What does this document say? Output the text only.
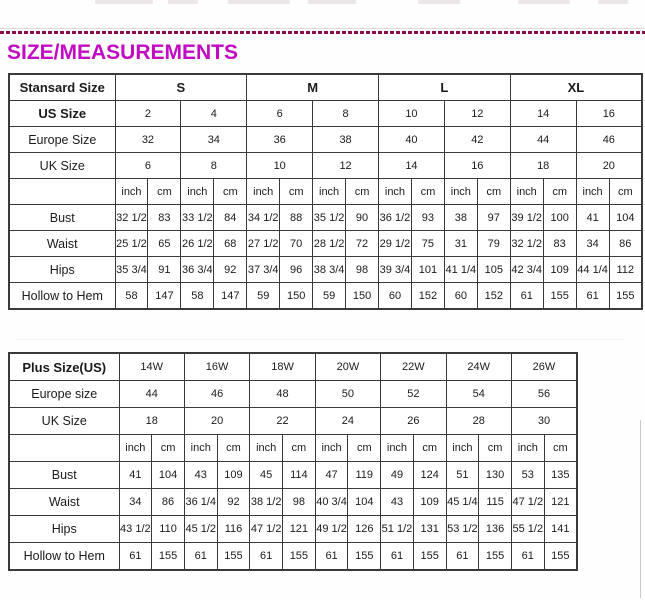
SIZE/MEASUREMENTS
Stansard Size	S				M				L				XL			
US Size	2		4		6		8		10		12		14		16	
Europe Size	32		34		36		38		40		42		44		46	
UK Size	6		8		10		12		14		16		18		20	
	inch	cm	inch	cm	inch	cm	inch	cm	inch	cm	inch	cm	inch	cm	inch	cm
Bust	32 1/2	83	33 1/2	84	34 1/2	88	35 1/2	90	36 1/2	93	38	97	39 1/2	100	41	104
Waist	25 1/2	65	26 1/2	68	27 1/2	70	28 1/2	72	29 1/2	75	31	79	32 1/2	83	34	86
Hips	35 3/4	91	36 3/4	92	37 3/4	96	38 3/4	98	39 3/4	101	41 1/4	105	42 3/4	109	44 1/4	112
Hollow to Hem	58	147	58	147	59	150	59	150	60	152	60	152	61	155	61	155
Plus Size(US)	14W		16W		18W		20W		22W		24W		26W	
Europe size	44		46		48		50		52		54		56	
UK Size	18		20		22		24		26		28		30	
	inch	cm	inch	cm	inch	cm	inch	cm	inch	cm	inch	cm	inch	cm
Bust	41	104	43	109	45	114	47	119	49	124	51	130	53	135
Waist	34	86	36 1/4	92	38 1/2	98	40 3/4	104	43	109	45 1/4	115	47 1/2	121
Hips	43 1/2	110	45 1/2	116	47 1/2	121	49 1/2	126	51 1/2	131	53 1/2	136	55 1/2	141
Hollow to Hem	61	155	61	155	61	155	61	155	61	155	61	155	61	155
